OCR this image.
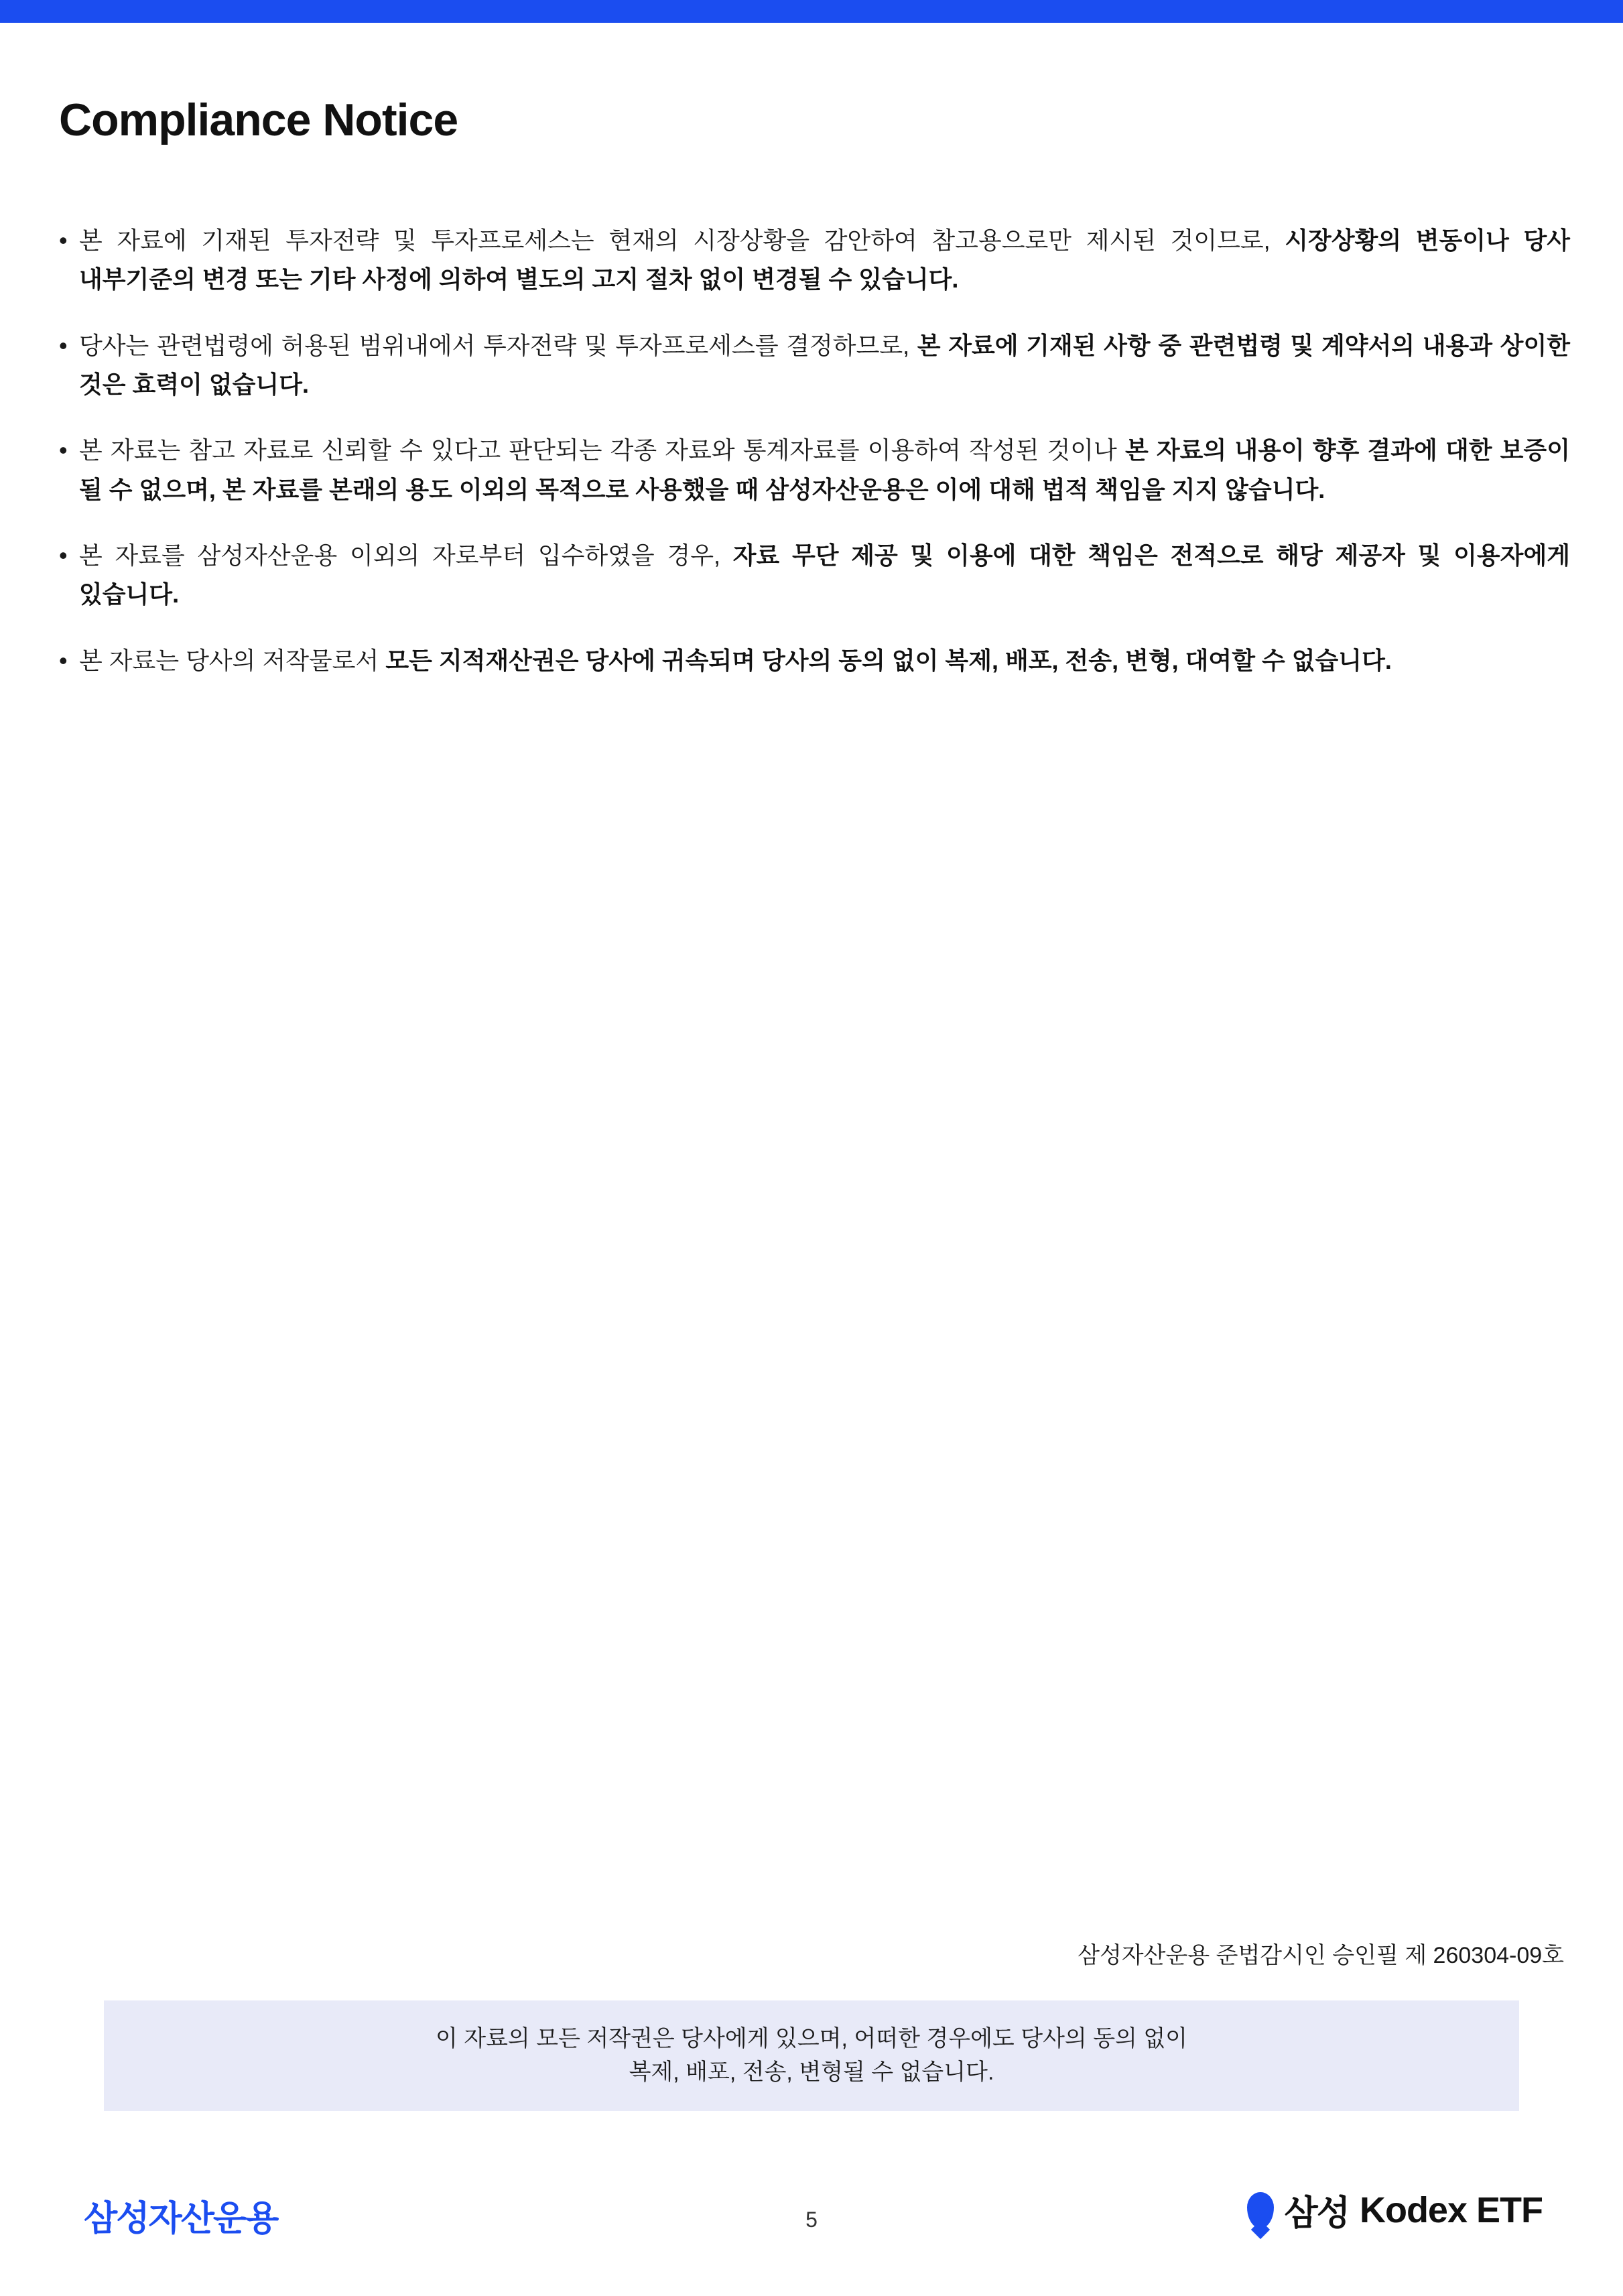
Compliance Notice
• 본 자료에 기재된 투자전략 및 투자프로세스는 현재의 시장상황을 감안하여 참고용으로만 제시된 것이므로, 시장상황의 변동이나 당사 내부기준의 변경 또는 기타 사정에 의하여 별도의 고지 절차 없이 변경될 수 있습니다.
• 당사는 관련법령에 허용된 범위내에서 투자전략 및 투자프로세스를 결정하므로, 본 자료에 기재된 사항 중 관련법령 및 계약서의 내용과 상이한 것은 효력이 없습니다.
• 본 자료는 참고 자료로 신뢰할 수 있다고 판단되는 각종 자료와 통계자료를 이용하여 작성된 것이나 본 자료의 내용이 향후 결과에 대한 보증이 될 수 없으며, 본 자료를 본래의 용도 이외의 목적으로 사용했을 때 삼성자산운용은 이에 대해 법적 책임을 지지 않습니다.
• 본 자료를 삼성자산운용 이외의 자로부터 입수하였을 경우, 자료 무단 제공 및 이용에 대한 책임은 전적으로 해당 제공자 및 이용자에게 있습니다.
• 본 자료는 당사의 저작물로서 모든 지적재산권은 당사에 귀속되며 당사의 동의 없이 복제, 배포, 전송, 변형, 대여할 수 없습니다.
삼성자산운용 준법감시인 승인필 제 260304-09호
이 자료의 모든 저작권은 당사에게 있으며, 어떠한 경우에도 당사의 동의 없이
복제, 배포, 전송, 변형될 수 없습니다.
삼성자산운용	5	삼성 Kodex ETF
